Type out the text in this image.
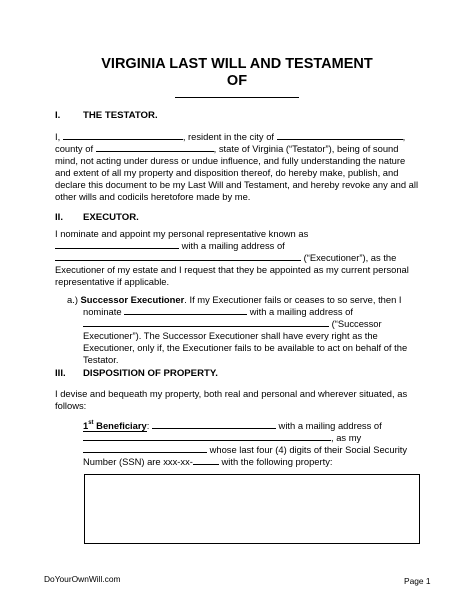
VIRGINIA LAST WILL AND TESTAMENT
OF
I. THE TESTATOR.
I,	, resident in the city of	,
county of	, state of Virginia (“Testator”), being of sound
mind, not acting under duress or undue influence, and fully understanding the nature
and extent of all my property and disposition thereof, do hereby make, publish, and
declare this document to be my Last Will and Testament, and hereby revoke any and all
other wills and codicils heretofore made by me.
II. EXECUTOR.
I nominate and appoint my personal representative known as
with a mailing address of
(“Executioner”), as the
Executioner of my estate and I request that they be appointed as my current personal
representative if applicable.
a.) Successor Executioner. If my Executioner fails or ceases to so serve, then I
nominate	with a mailing address of
(“Successor
Executioner”). The Successor Executioner shall have every right as the
Executioner, only if, the Executioner fails to be available to act on behalf of the
Testator.
III. DISPOSITION OF PROPERTY.
I devise and bequeath my property, both real and personal and wherever situated, as
follows:
1st Beneficiary:	with a mailing address of
, as my
whose last four (4) digits of their Social Security
Number (SSN) are xxx-xx-	with the following property:
DoYourOwnWill.com	Page 1
